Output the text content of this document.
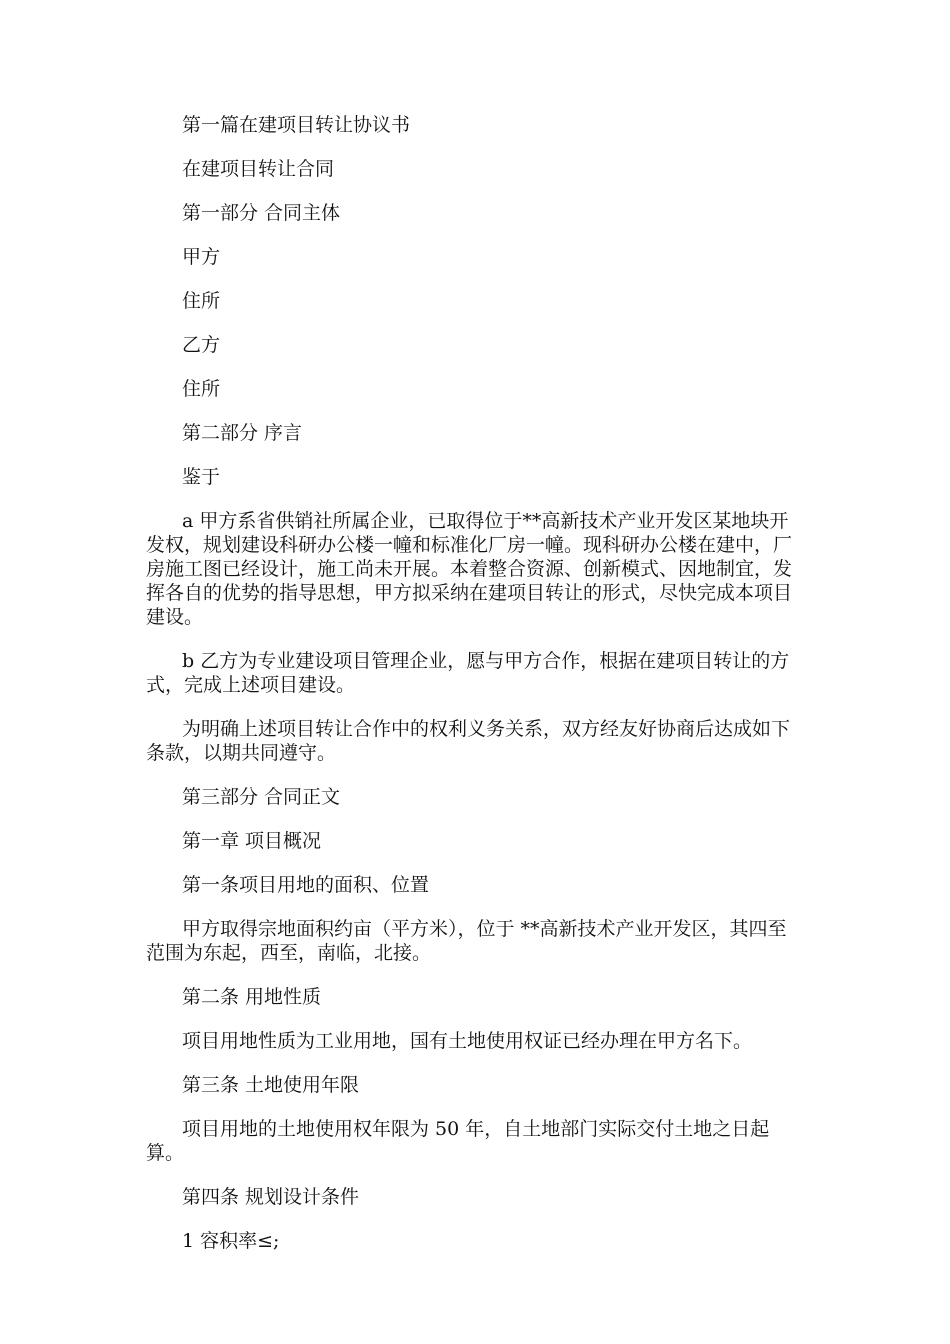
第一篇在建项目转让协议书

在建项目转让合同

第一部分 合同主体

甲方

住所

乙方

住所

第二部分 序言

鉴于

a 甲方系省供销社所属企业，已取得位于**高新技术产业开发区某地块开发权，规划建设科研办公楼一幢和标准化厂房一幢。现科研办公楼在建中，厂房施工图已经设计，施工尚未开展。本着整合资源、创新模式、因地制宜，发挥各自的优势的指导思想，甲方拟采纳在建项目转让的形式，尽快完成本项目建设。

b 乙方为专业建设项目管理企业，愿与甲方合作，根据在建项目转让的方式，完成上述项目建设。

为明确上述项目转让合作中的权利义务关系，双方经友好协商后达成如下条款，以期共同遵守。

第三部分 合同正文

第一章 项目概况

第一条项目用地的面积、位置

甲方取得宗地面积约亩（平方米），位于 **高新技术产业开发区，其四至范围为东起，西至，南临，北接。

第二条 用地性质

项目用地性质为工业用地，国有土地使用权证已经办理在甲方名下。

第三条 土地使用年限

项目用地的土地使用权年限为 50 年，自土地部门实际交付土地之日起算。

第四条 规划设计条件

1 容积率≤;
